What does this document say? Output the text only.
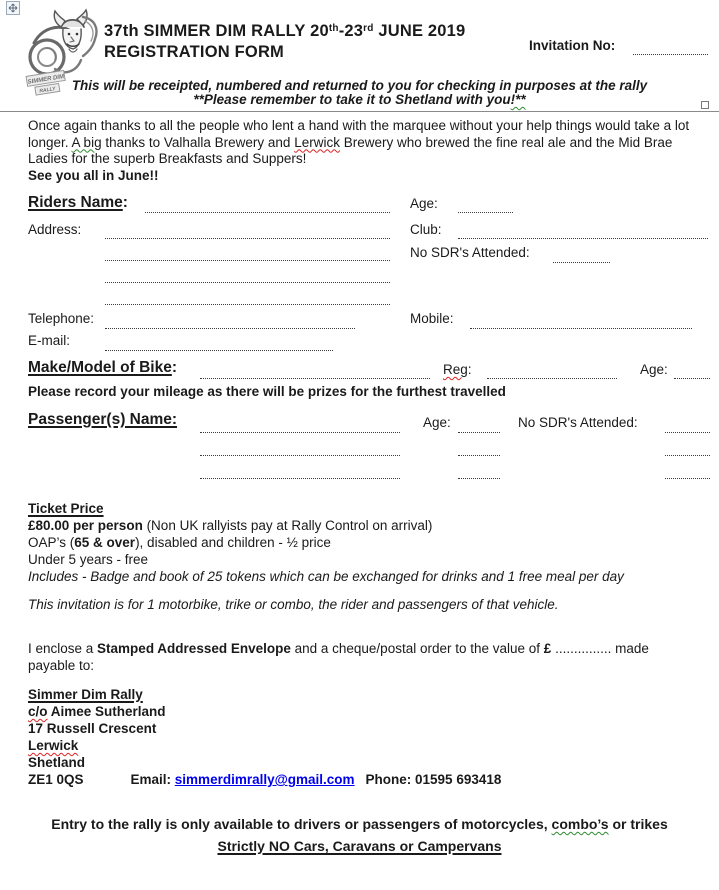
SIMMER DIM
RALLY
37th SIMMER DIM RALLY 20th-23rd JUNE 2019
REGISTRATION FORM	Invitation No:
This will be receipted, numbered and returned to you for checking in purposes at the rally
**Please remember to take it to Shetland with you!**
Once again thanks to all the people who lent a hand with the marquee without your help things would take a lot longer. A big thanks to Valhalla Brewery and Lerwick Brewery who brewed the fine real ale and the Mid Brae Ladies for the superb Breakfasts and Suppers!
See you all in June!!
Riders Name:	Age:
Address:	Club:
No SDR's Attended:
Telephone:	Mobile:
E-mail:
Make/Model of Bike:	Reg:	Age:
Please record your mileage as there will be prizes for the furthest travelled
Passenger(s) Name:	Age:	No SDR's Attended:
Ticket Price
£80.00 per person (Non UK rallyists pay at Rally Control on arrival)
OAP’s (65 & over), disabled and children - ½ price
Under 5 years - free
Includes - Badge and book of 25 tokens which can be exchanged for drinks and 1 free meal per day
This invitation is for 1 motorbike, trike or combo, the rider and passengers of that vehicle.
I enclose a Stamped Addressed Envelope and a cheque/postal order to the value of £ ............... made
payable to:
Simmer Dim Rally
c/o Aimee Sutherland
17 Russell Crescent
Lerwick
Shetland
ZE1 0QS	Email: simmerdimrally@gmail.com Phone: 01595 693418
Entry to the rally is only available to drivers or passengers of motorcycles, combo’s or trikes
Strictly NO Cars, Caravans or Campervans
